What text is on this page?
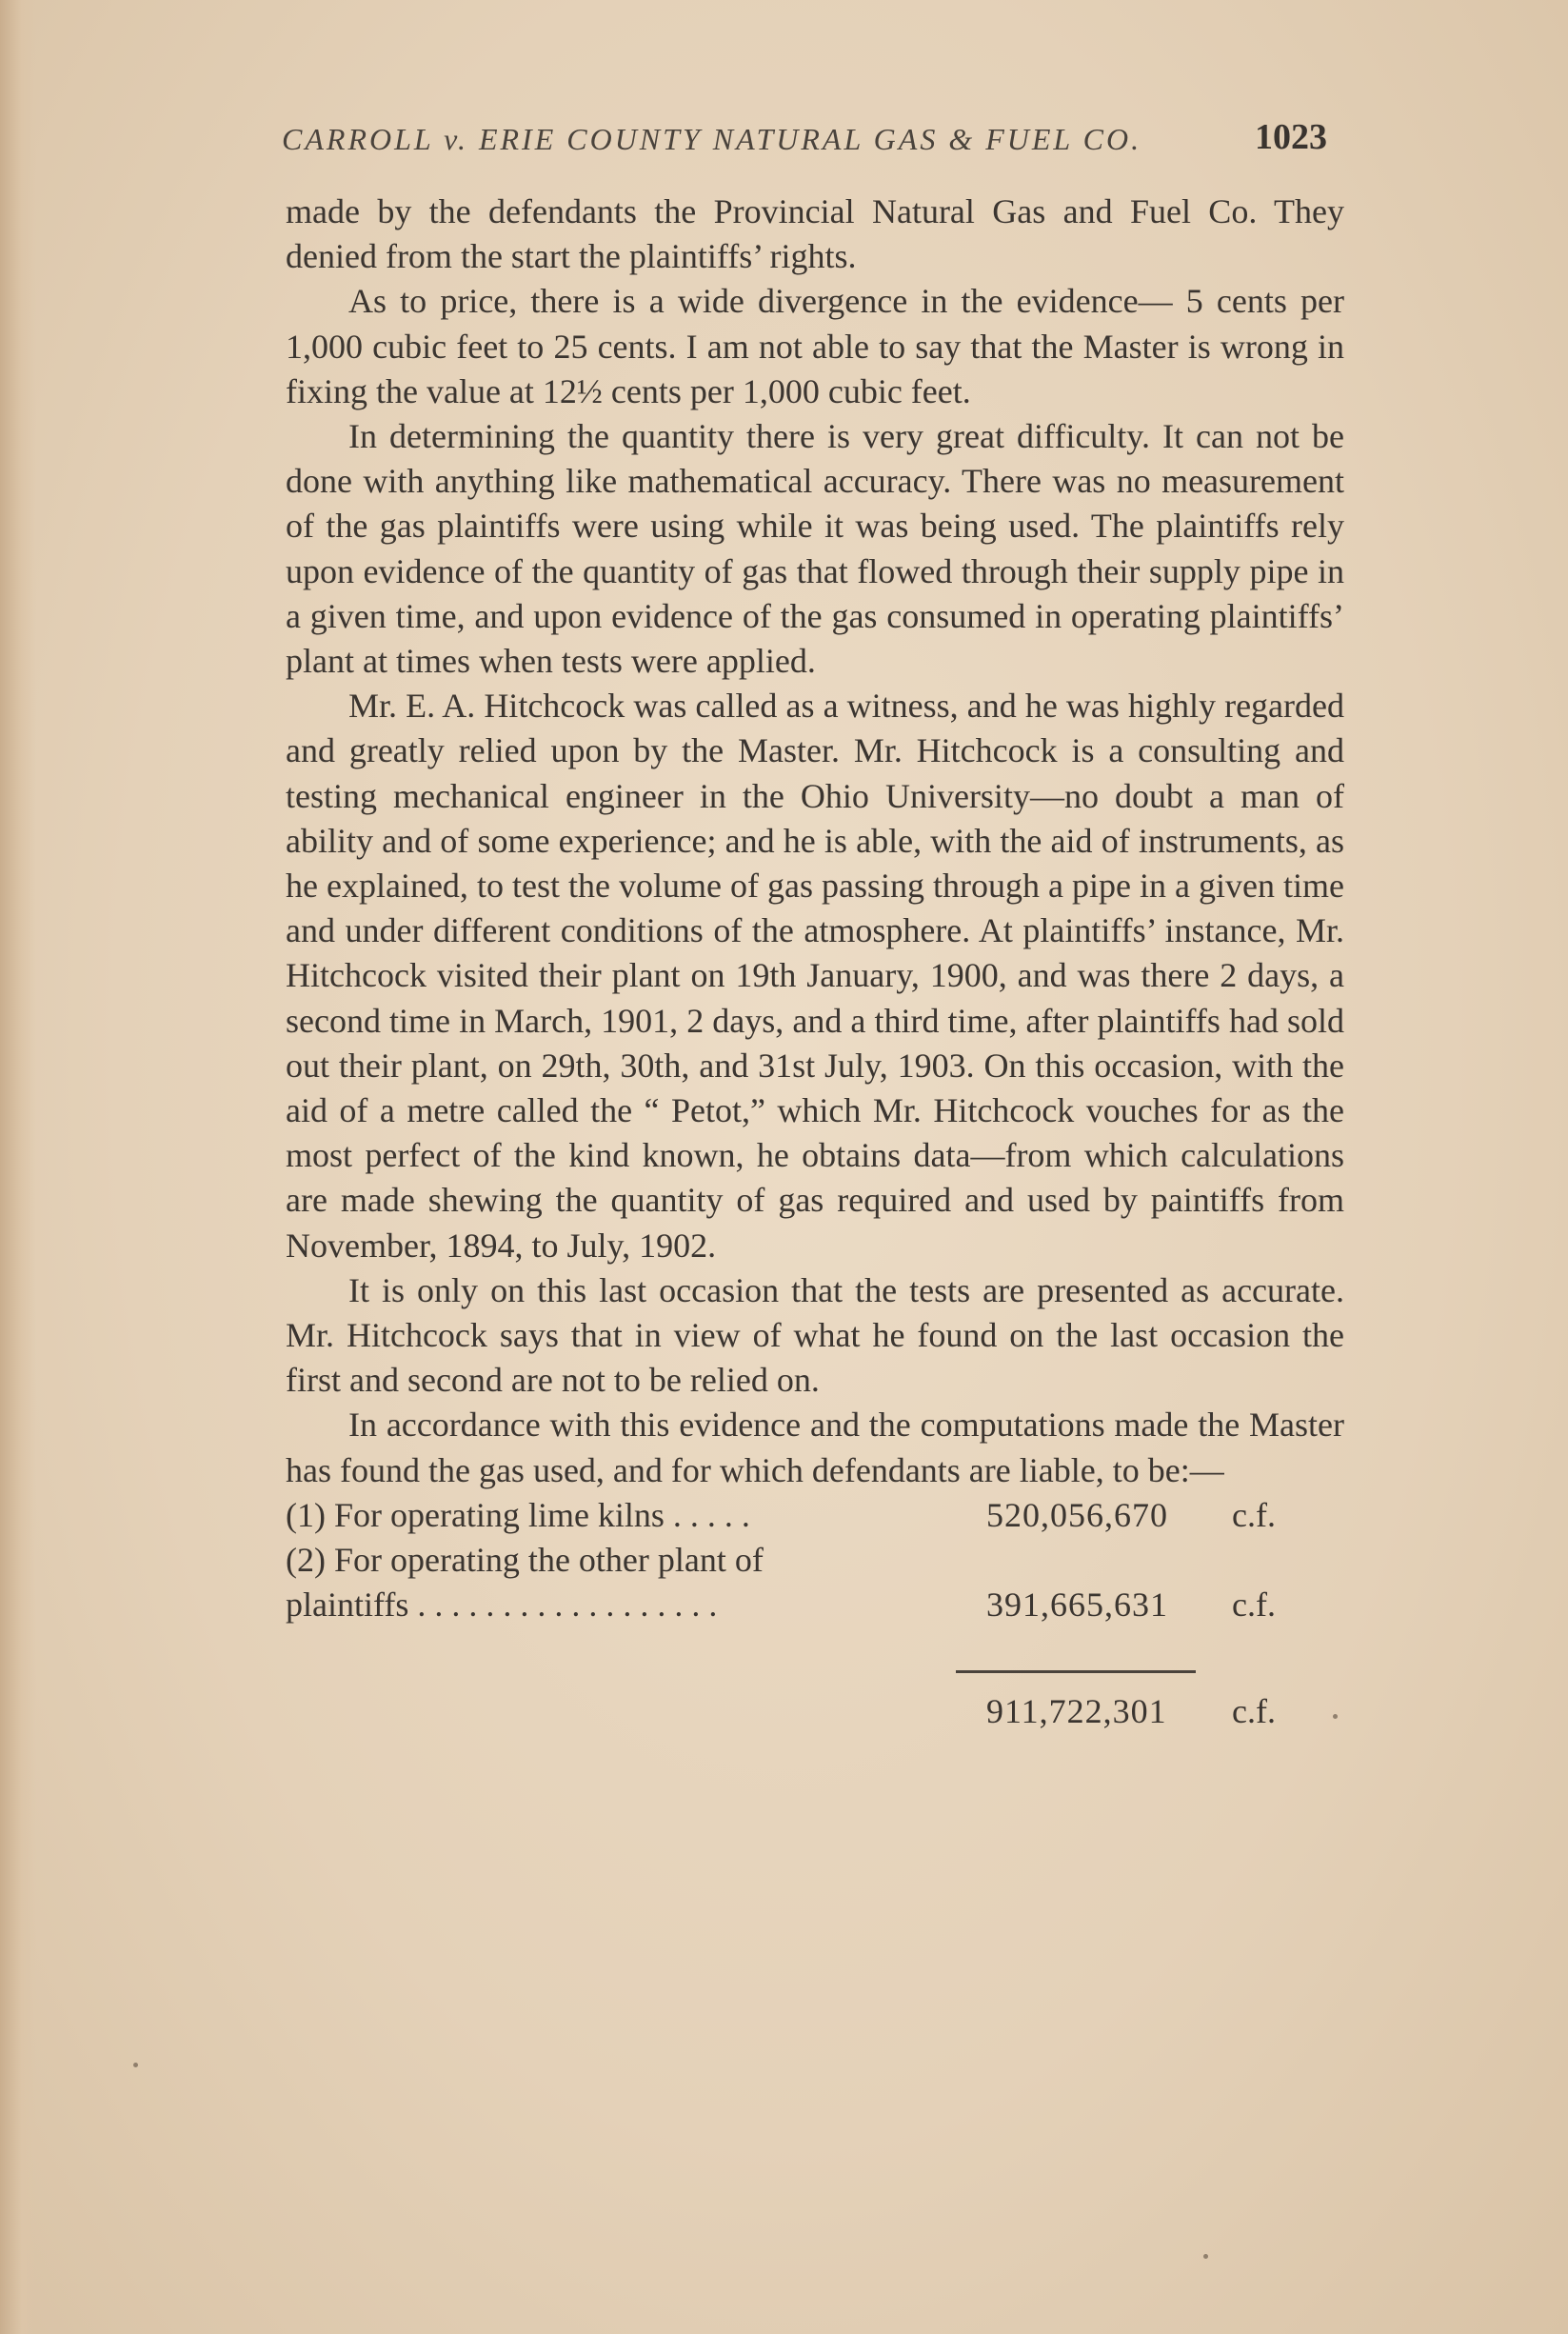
CARROLL v. ERIE COUNTY NATURAL GAS & FUEL CO.	1023

made by the defendants the Provincial Natural Gas and Fuel Co. They denied from the start the plaintiffs’ rights.

As to price, there is a wide divergence in the evidence— 5 cents per 1,000 cubic feet to 25 cents. I am not able to say that the Master is wrong in fixing the value at 12½ cents per 1,000 cubic feet.

In determining the quantity there is very great difficulty. It can not be done with anything like mathematical accuracy. There was no measurement of the gas plaintiffs were using while it was being used. The plaintiffs rely upon evidence of the quantity of gas that flowed through their supply pipe in a given time, and upon evidence of the gas consumed in operating plaintiffs’ plant at times when tests were applied.

Mr. E. A. Hitchcock was called as a witness, and he was highly regarded and greatly relied upon by the Master. Mr. Hitchcock is a consulting and testing mechanical engineer in the Ohio University—no doubt a man of ability and of some experience; and he is able, with the aid of instruments, as he explained, to test the volume of gas passing through a pipe in a given time and under different conditions of the atmosphere. At plaintiffs’ instance, Mr. Hitchcock visited their plant on 19th January, 1900, and was there 2 days, a second time in March, 1901, 2 days, and a third time, after plaintiffs had sold out their plant, on 29th, 30th, and 31st July, 1903. On this occasion, with the aid of a metre called the “ Petot,” which Mr. Hitchcock vouches for as the most perfect of the kind known, he obtains data—from which calculations are made shewing the quantity of gas required and used by paintiffs from November, 1894, to July, 1902.

It is only on this last occasion that the tests are presented as accurate. Mr. Hitchcock says that in view of what he found on the last occasion the first and second are not to be relied on.

In accordance with this evidence and the computations made the Master has found the gas used, and for which defendants are liable, to be:—

(1) For operating lime kilns . . . . .	520,056,670 c.f.
(2) For operating the other plant of
plaintiffs . . . . . . . . . . . . . . . . . .	391,665,631 c.f.
911,722,301 c.f.
